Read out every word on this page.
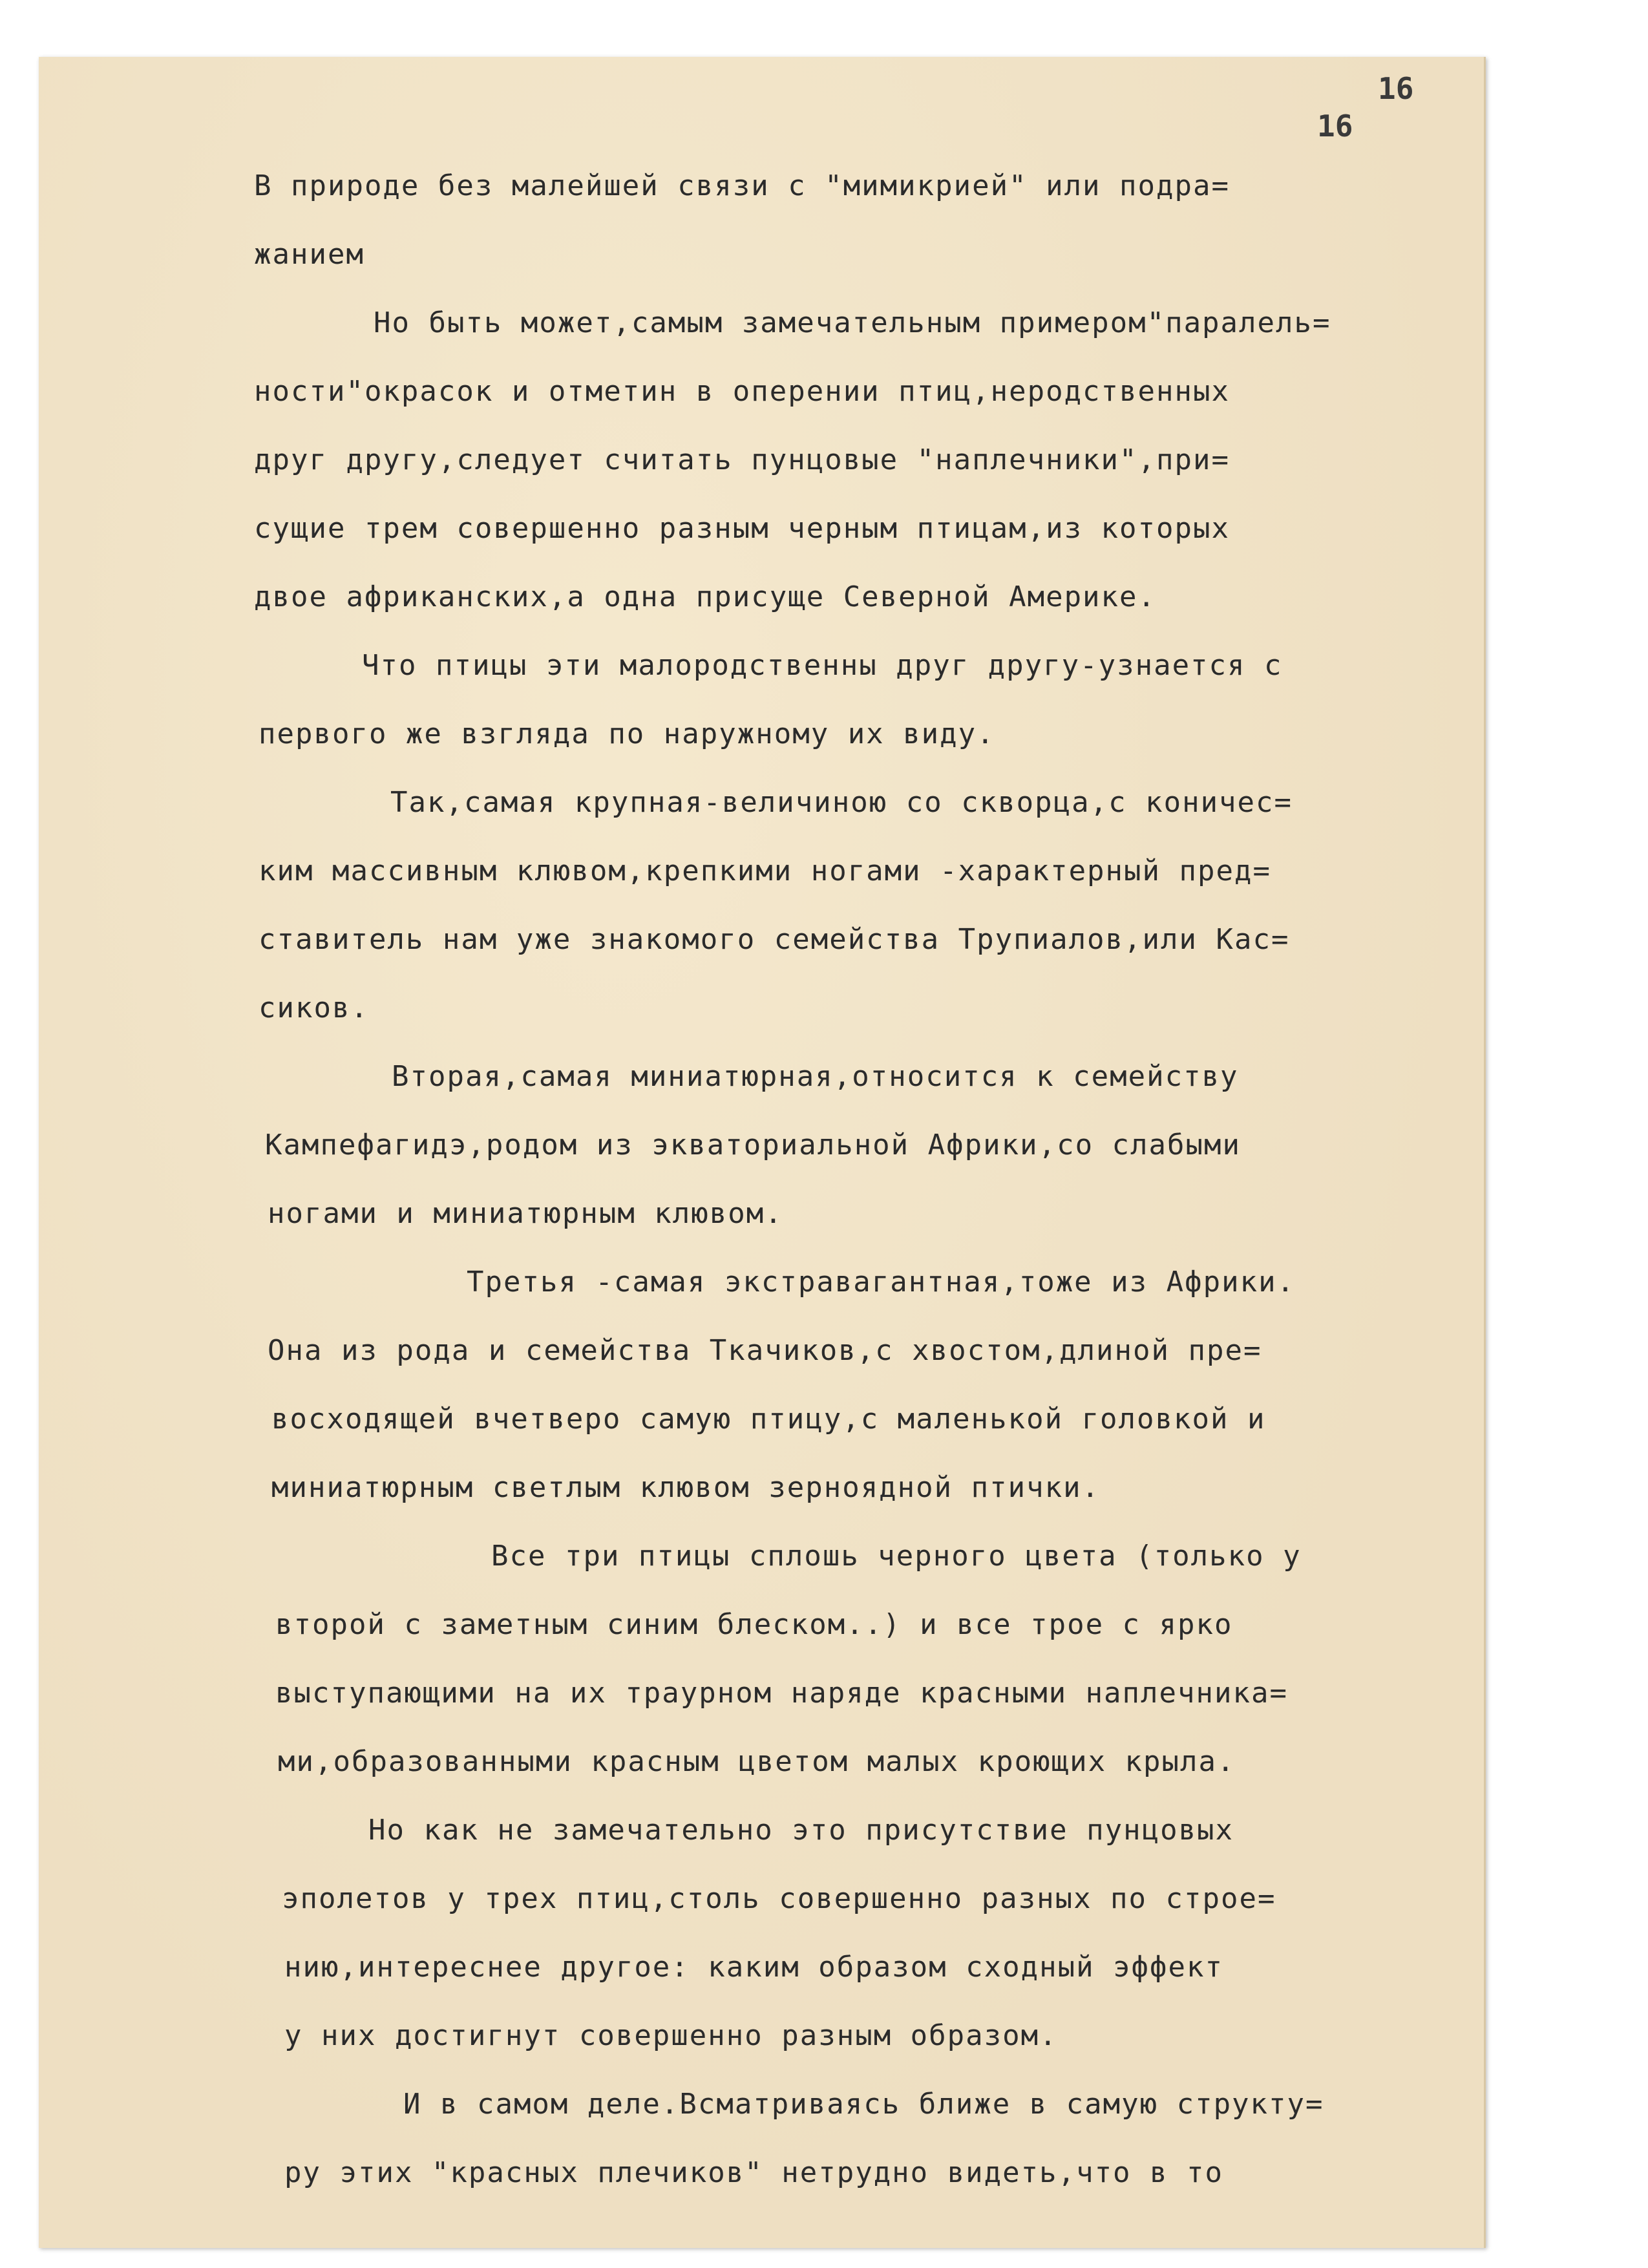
16
16
В природе без малейшей связи с "мимикрией" или подра=
жанием
Но быть может,самым замечательным примером"паралель=
ности"окрасок и отметин в оперении птиц,неродственных
друг другу,следует считать пунцовые "наплечники",при=
сущие трем совершенно разным черным птицам,из которых
двое африканских,а одна присуще Северной Америке.
Что птицы эти малородственны друг другу-узнается с
первого же взгляда по наружному их виду.
Так,самая крупная-величиною со скворца,с коничес=
ким массивным клювом,крепкими ногами -характерный пред=
ставитель нам уже знакомого семейства Трупиалов,или Кас=
сиков.
Вторая,самая миниатюрная,относится к семейству
Кампефагидэ,родом из экваториальной Африки,со слабыми
ногами и миниатюрным клювом.
Третья -самая экстравагантная,тоже из Африки.
Она из рода и семейства Ткачиков,с хвостом,длиной пре=
восходящей вчетверо самую птицу,с маленькой головкой и
миниатюрным светлым клювом зерноядной птички.
Все три птицы сплошь черного цвета (только у
второй с заметным синим блеском..) и все трое с ярко
выступающими на их траурном наряде красными наплечника=
ми,образованными красным цветом малых кроющих крыла.
Но как не замечательно это присутствие пунцовых
эполетов у трех птиц,столь совершенно разных по строе=
нию,интереснее другое: каким образом сходный эффект
у них достигнут совершенно разным образом.
И в самом деле.Всматриваясь ближе в самую структу=
ру этих "красных плечиков" нетрудно видеть,что в то
